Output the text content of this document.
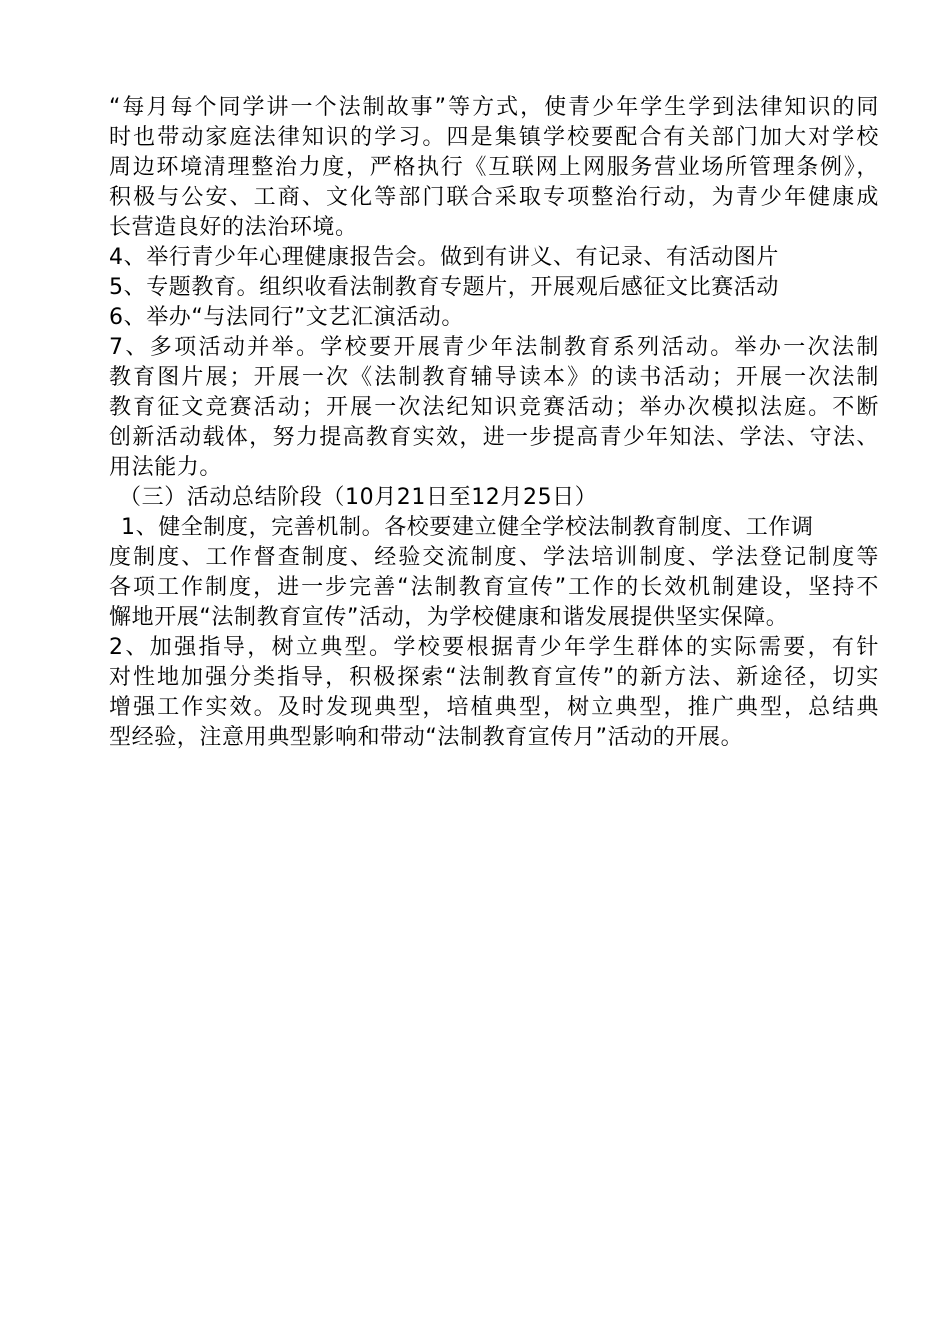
“每月每个同学讲一个法制故事”等方式，使青少年学生学到法律知识的同
时也带动家庭法律知识的学习。四是集镇学校要配合有关部门加大对学校
周边环境清理整治力度，严格执行《互联网上网服务营业场所管理条例》，
积极与公安、工商、文化等部门联合采取专项整治行动，为青少年健康成
长营造良好的法治环境。
4、举行青少年心理健康报告会。做到有讲义、有记录、有活动图片
5、专题教育。组织收看法制教育专题片，开展观后感征文比赛活动
6、举办“与法同行”文艺汇演活动。
7、多项活动并举。学校要开展青少年法制教育系列活动。举办一次法制
教育图片展；开展一次《法制教育辅导读本》的读书活动；开展一次法制
教育征文竞赛活动；开展一次法纪知识竞赛活动；举办次模拟法庭。不断
创新活动载体，努力提高教育实效，进一步提高青少年知法、学法、守法、
用法能力。
（三）活动总结阶段（10月21日至12月25日）
1、健全制度，完善机制。各校要建立健全学校法制教育制度、工作调
度制度、工作督查制度、经验交流制度、学法培训制度、学法登记制度等
各项工作制度，进一步完善“法制教育宣传”工作的长效机制建设，坚持不
懈地开展“法制教育宣传”活动，为学校健康和谐发展提供坚实保障。
2、加强指导，树立典型。学校要根据青少年学生群体的实际需要，有针
对性地加强分类指导，积极探索“法制教育宣传”的新方法、新途径，切实
增强工作实效。及时发现典型，培植典型，树立典型，推广典型，总结典
型经验，注意用典型影响和带动“法制教育宣传月”活动的开展。
